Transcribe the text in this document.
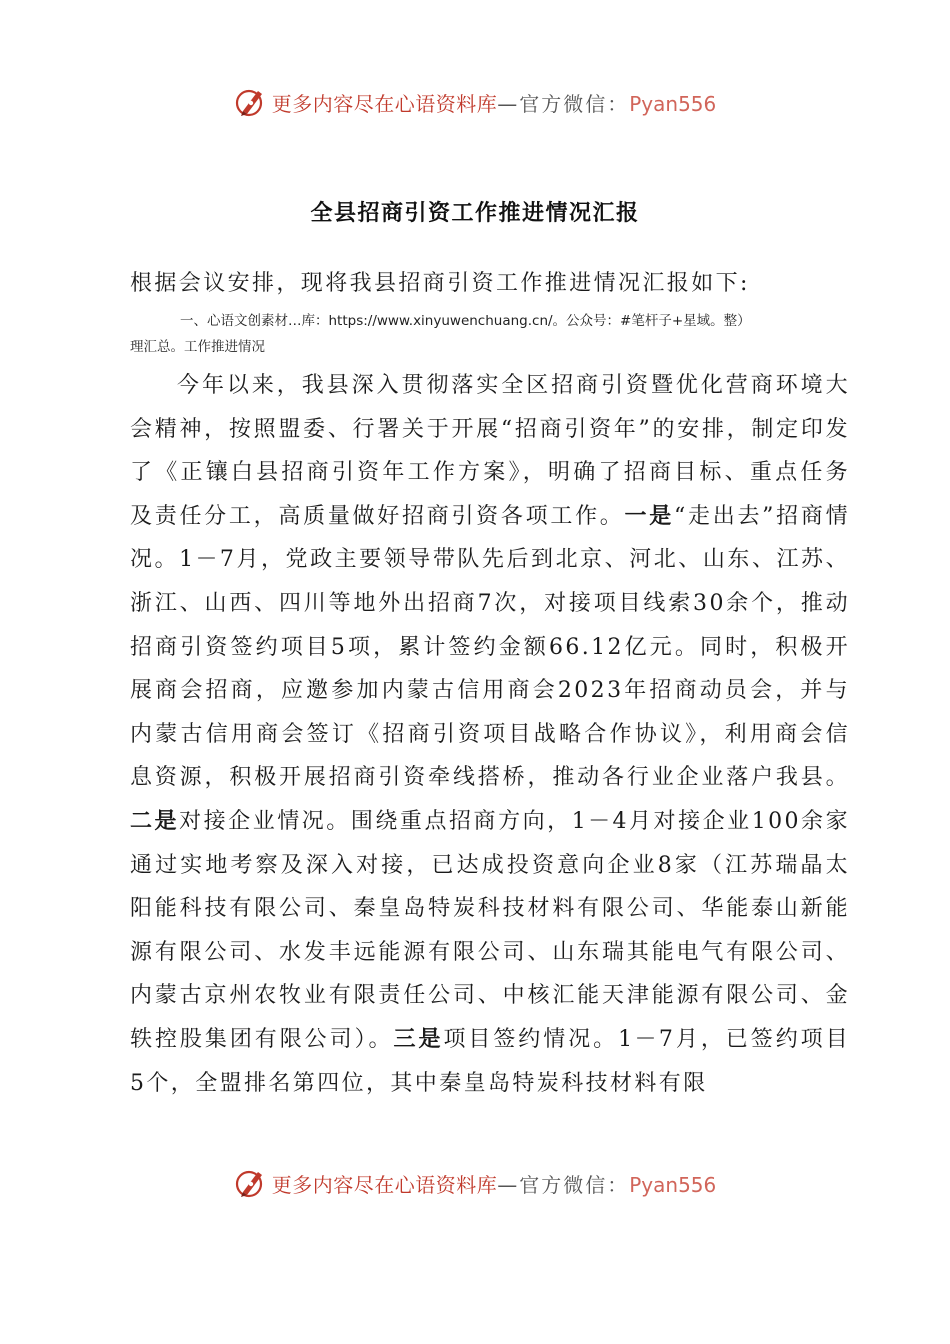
更多内容尽在心语资料库—官方微信：Pyan556
全县招商引资工作推进情况汇报
根据会议安排，现将我县招商引资工作推进情况汇报如下:
一、心语文创素材…库：https://www.xinyuwenchuang.cn/。公众号：#笔杆子+星域。整）
理汇总。工作推进情况

今年以来，我县深入贯彻落实全区招商引资暨优化营商环境大会精神，按照盟委、行署关于开展“招商引资年”的安排，制定印发了《正镶白县招商引资年工作方案》，明确了招商目标、重点任务及责任分工，高质量做好招商引资各项工作。一是“走出去”招商情况。1－7月，党政主要领导带队先后到北京、河北、山东、江苏、浙江、山西、四川等地外出招商7次，对接项目线索30余个，推动招商引资签约项目5项，累计签约金额66.12亿元。同时，积极开展商会招商，应邀参加内蒙古信用商会2023年招商动员会，并与内蒙古信用商会签订《招商引资项目战略合作协议》，利用商会信息资源，积极开展招商引资牵线搭桥，推动各行业企业落户我县。二是对接企业情况。围绕重点招商方向，1－4月对接企业100余家通过实地考察及深入对接，已达成投资意向企业8家（江苏瑞晶太阳能科技有限公司、秦皇岛特炭科技材料有限公司、华能泰山新能源有限公司、水发丰远能源有限公司、山东瑞其能电气有限公司、内蒙古京州农牧业有限责任公司、中核汇能天津能源有限公司、金轶控股集团有限公司）。三是项目签约情况。1－7月，已签约项目5个，全盟排名第四位，其中秦皇岛特炭科技材料有限

更多内容尽在心语资料库—官方微信：Pyan556
